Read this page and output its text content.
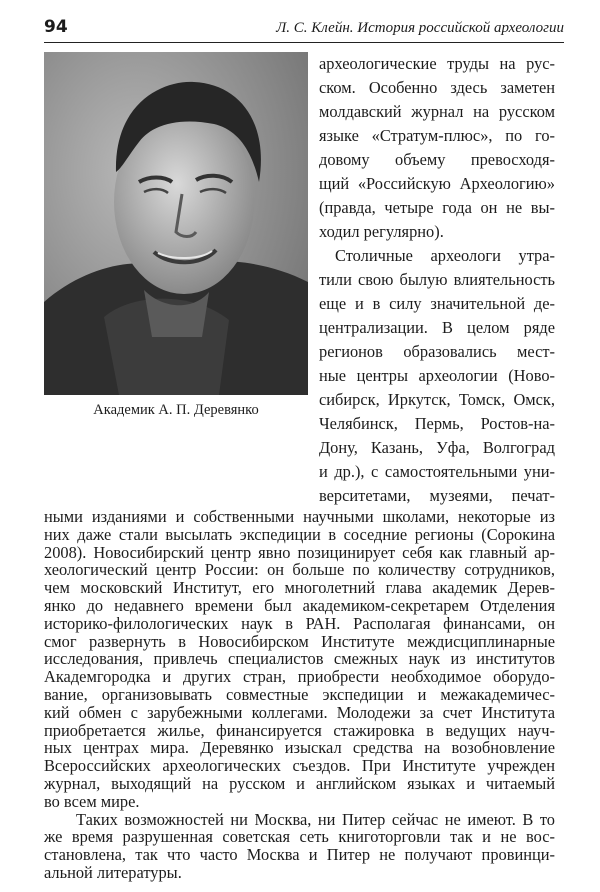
94	Л. С. Клейн. История российской археологии
Академик А. П. Деревянко
археологические труды на рус-
ском. Особенно здесь заметен
молдавский журнал на русском
языке «Стратум-плюс», по го-
довому объему превосходя-
щий «Российскую Археологию»
(правда, четыре года он не вы-
ходил регулярно).
Столичные археологи утра-
тили свою былую влиятельность
еще и в силу значительной де-
централизации. В целом ряде
регионов образовались мест-
ные центры археологии (Ново-
сибирск, Иркутск, Томск, Омск,
Челябинск, Пермь, Ростов-на-
Дону, Казань, Уфа, Волгоград
и др.), с самостоятельными уни-
верситетами, музеями, печат-
ными изданиями и собственными научными школами, некоторые из
них даже стали высылать экспедиции в соседние регионы (Сорокина
2008). Новосибирский центр явно позицинирует себя как главный ар-
хеологический центр России: он больше по количеству сотрудников,
чем московский Институт, его многолетний глава академик Дерев-
янко до недавнего времени был академиком-секретарем Отделения
историко-филологических наук в РАН. Располагая финансами, он
смог развернуть в Новосибирском Институте междисциплинарные
исследования, привлечь специалистов смежных наук из институтов
Академгородка и других стран, приобрести необходимое оборудо-
вание, организовывать совместные экспедиции и межакадемичес-
кий обмен с зарубежными коллегами. Молодежи за счет Института
приобретается жилье, финансируется стажировка в ведущих науч-
ных центрах мира. Деревянко изыскал средства на возобновление
Всероссийских археологических съездов. При Институте учрежден
журнал, выходящий на русском и английском языках и читаемый
во всем мире.
Таких возможностей ни Москва, ни Питер сейчас не имеют. В то
же время разрушенная советская сеть книготорговли так и не вос-
становлена, так что часто Москва и Питер не получают провинци-
альной литературы.
